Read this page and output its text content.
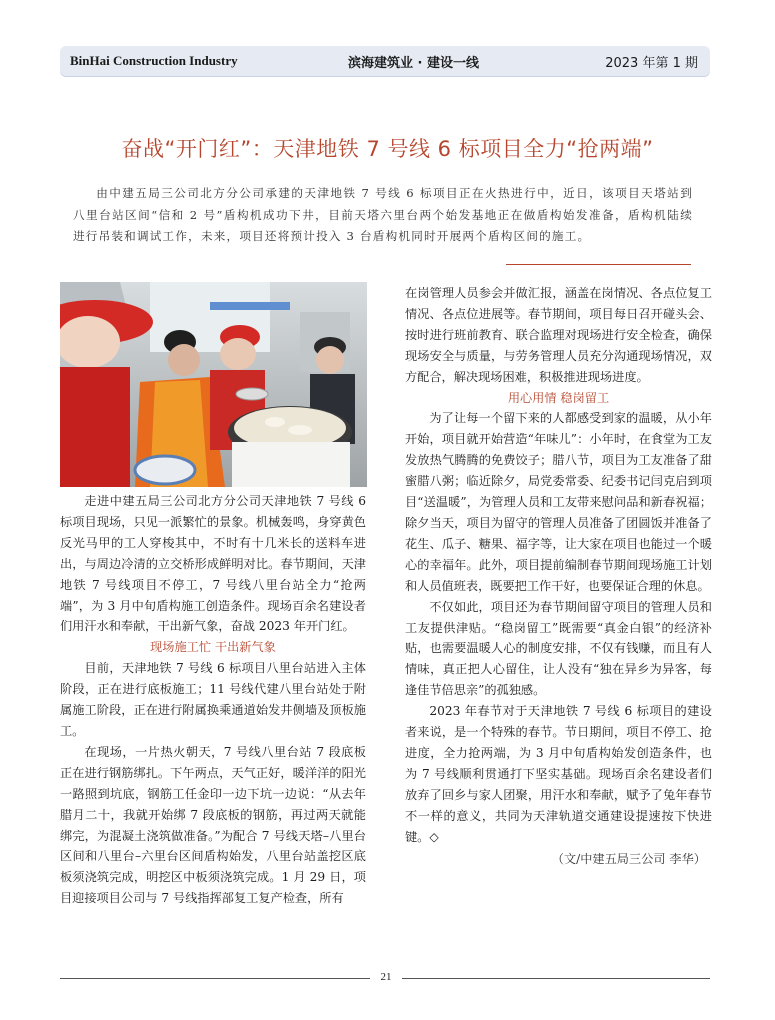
BinHai Construction Industry	滨海建筑业 · 建设一线	2023 年第 1 期
奋战“开门红”：天津地铁 7 号线 6 标项目全力“抢两端”

由中建五局三公司北方分公司承建的天津地铁 7 号线 6 标项目正在火热进行中，近日，该项目天塔站到八里台站区间“信和 2 号”盾构机成功下井，目前天塔六里台两个始发基地正在做盾构始发准备，盾构机陆续进行吊装和调试工作，未来，项目还将预计投入 3 台盾构机同时开展两个盾构区间的施工。

走进中建五局三公司北方分公司天津地铁 7 号线 6 标项目现场，只见一派繁忙的景象。机械轰鸣，身穿黄色反光马甲的工人穿梭其中，不时有十几米长的送料车进出，与周边冷清的立交桥形成鲜明对比。春节期间，天津地铁 7 号线项目不停工，7 号线八里台站全力“抢两端”，为 3 月中旬盾构施工创造条件。现场百余名建设者们用汗水和奉献，干出新气象，奋战 2023 年开门红。

现场施工忙 干出新气象

目前，天津地铁 7 号线 6 标项目八里台站进入主体阶段，正在进行底板施工；11 号线代建八里台站处于附属施工阶段，正在进行附属换乘通道始发井侧墙及顶板施工。

在现场，一片热火朝天，7 号线八里台站 7 段底板正在进行钢筋绑扎。下午两点，天气正好，暖洋洋的阳光一路照到坑底，钢筋工任金印一边下坑一边说：“从去年腊月二十，我就开始绑 7 段底板的钢筋，再过两天就能绑完，为混凝土浇筑做准备。”为配合 7 号线天塔–八里台区间和八里台–六里台区间盾构始发，八里台站盖挖区底板须浇筑完成，明挖区中板须浇筑完成。1 月 29 日，项目迎接项目公司与 7 号线指挥部复工复产检查，所有

在岗管理人员参会并做汇报，涵盖在岗情况、各点位复工情况、各点位进展等。春节期间，项目每日召开碰头会、按时进行班前教育、联合监理对现场进行安全检查，确保现场安全与质量，与劳务管理人员充分沟通现场情况，双方配合，解决现场困难，积极推进现场进度。

用心用情 稳岗留工

为了让每一个留下来的人都感受到家的温暖，从小年开始，项目就开始营造“年味儿”：小年时，在食堂为工友发放热气腾腾的免费饺子；腊八节，项目为工友准备了甜蜜腊八粥；临近除夕，局党委常委、纪委书记闫克启到项目“送温暖”，为管理人员和工友带来慰问品和新春祝福；除夕当天，项目为留守的管理人员准备了团圆饭并准备了花生、瓜子、糖果、福字等，让大家在项目也能过一个暖心的幸福年。此外，项目提前编制春节期间现场施工计划和人员值班表，既要把工作干好，也要保证合理的休息。

不仅如此，项目还为春节期间留守项目的管理人员和工友提供津贴。“稳岗留工”既需要“真金白银”的经济补贴，也需要温暖人心的制度安排，不仅有钱赚，而且有人情味，真正把人心留住，让人没有“独在异乡为异客，每逢佳节倍思亲”的孤独感。

2023 年春节对于天津地铁 7 号线 6 标项目的建设者来说，是一个特殊的春节。节日期间，项目不停工、抢进度，全力抢两端，为 3 月中旬盾构始发创造条件，也为 7 号线顺利贯通打下坚实基础。现场百余名建设者们放弃了回乡与家人团聚，用汗水和奉献，赋予了兔年春节不一样的意义，共同为天津轨道交通建设提速按下快进键。◇

（文/中建五局三公司 李华）

21
